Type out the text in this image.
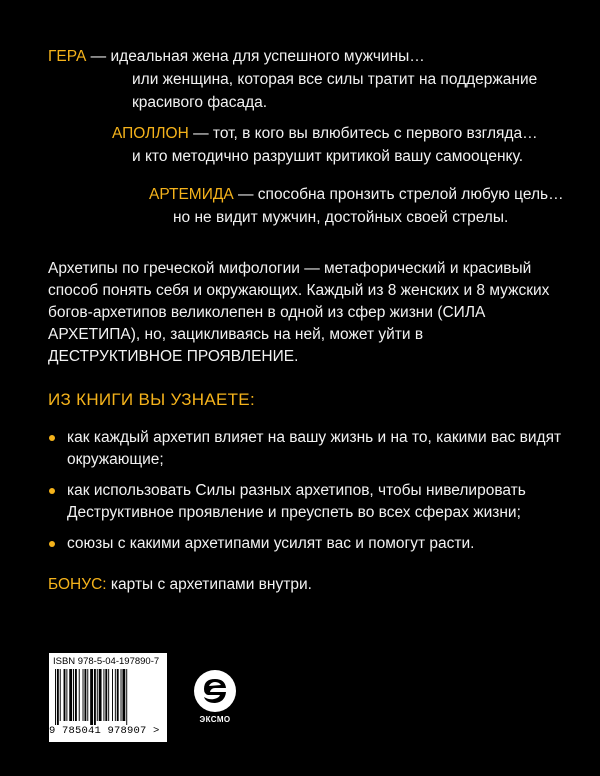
ГЕРА — идеальная жена для успешного мужчины…
или женщина, которая все силы тратит на поддержание
красивого фасада.
АПОЛЛОН — тот, в кого вы влюбитесь с первого взгляда…
и кто методично разрушит критикой вашу самооценку.
АРТЕМИДА — способна пронзить стрелой любую цель…
но не видит мужчин, достойных своей стрелы.

Архетипы по греческой мифологии — метафорический и красивый способ понять себя и окружающих. Каждый из 8 женских и 8 мужских богов-архетипов великолепен в одной из сфер жизни (СИЛА АРХЕТИПА), но, зацикливаясь на ней, может уйти в ДЕСТРУКТИВНОЕ ПРОЯВЛЕНИЕ.

ИЗ КНИГИ ВЫ УЗНАЕТЕ:
как каждый архетип влияет на вашу жизнь и на то, какими вас видят окружающие;
как использовать Силы разных архетипов, чтобы нивелировать Деструктивное проявление и преуспеть во всех сферах жизни;
союзы с какими архетипами усилят вас и помогут расти.

БОНУС: карты с архетипами внутри.

ISBN 978-5-04-197890-7
9 785041 978907 >
ЭКСМО
